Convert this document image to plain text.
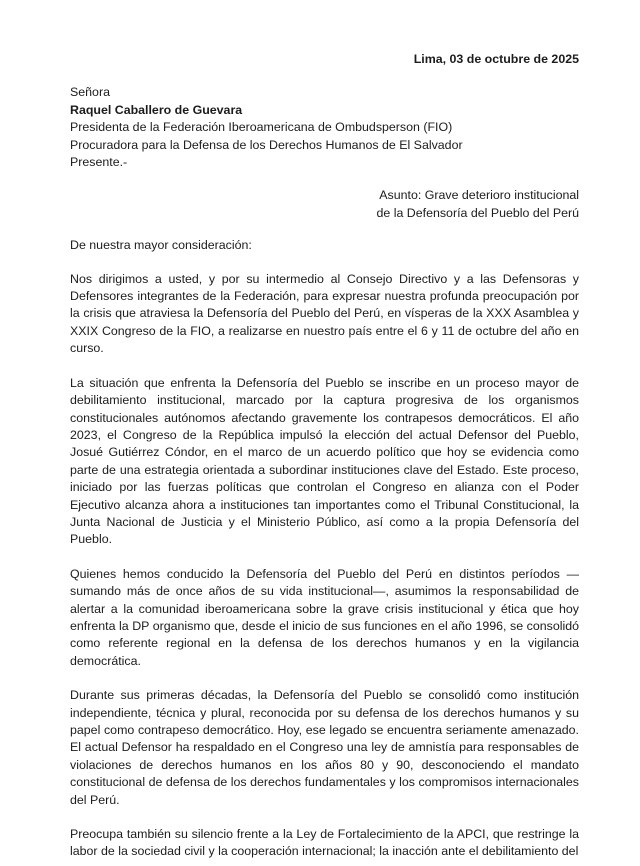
Lima, 03 de octubre de 2025
Señora
Raquel Caballero de Guevara
Presidenta de la Federación Iberoamericana de Ombudsperson (FIO)
Procuradora para la Defensa de los Derechos Humanos de El Salvador
Presente.-
Asunto: Grave deterioro institucional
de la Defensoría del Pueblo del Perú
De nuestra mayor consideración:

Nos dirigimos a usted, y por su intermedio al Consejo Directivo y a las Defensoras y Defensores integrantes de la Federación, para expresar nuestra profunda preocupación por la crisis que atraviesa la Defensoría del Pueblo del Perú, en vísperas de la XXX Asamblea y XXIX Congreso de la FIO, a realizarse en nuestro país entre el 6 y 11 de octubre del año en curso.

La situación que enfrenta la Defensoría del Pueblo se inscribe en un proceso mayor de debilitamiento institucional, marcado por la captura progresiva de los organismos constitucionales autónomos afectando gravemente los contrapesos democráticos. El año 2023, el Congreso de la República impulsó la elección del actual Defensor del Pueblo, Josué Gutiérrez Cóndor, en el marco de un acuerdo político que hoy se evidencia como parte de una estrategia orientada a subordinar instituciones clave del Estado. Este proceso, iniciado por las fuerzas políticas que controlan el Congreso en alianza con el Poder Ejecutivo alcanza ahora a instituciones tan importantes como el Tribunal Constitucional, la Junta Nacional de Justicia y el Ministerio Público, así como a la propia Defensoría del Pueblo.

Quienes hemos conducido la Defensoría del Pueblo del Perú en distintos períodos — sumando más de once años de su vida institucional—, asumimos la responsabilidad de alertar a la comunidad iberoamericana sobre la grave crisis institucional y ética que hoy enfrenta la DP organismo que, desde el inicio de sus funciones en el año 1996, se consolidó como referente regional en la defensa de los derechos humanos y en la vigilancia democrática.

Durante sus primeras décadas, la Defensoría del Pueblo se consolidó como institución independiente, técnica y plural, reconocida por su defensa de los derechos humanos y su papel como contrapeso democrático. Hoy, ese legado se encuentra seriamente amenazado. El actual Defensor ha respaldado en el Congreso una ley de amnistía para responsables de violaciones de derechos humanos en los años 80 y 90, desconociendo el mandato constitucional de defensa de los derechos fundamentales y los compromisos internacionales del Perú.

Preocupa también su silencio frente a la Ley de Fortalecimiento de la APCI, que restringe la labor de la sociedad civil y la cooperación internacional; la inacción ante el debilitamiento del
